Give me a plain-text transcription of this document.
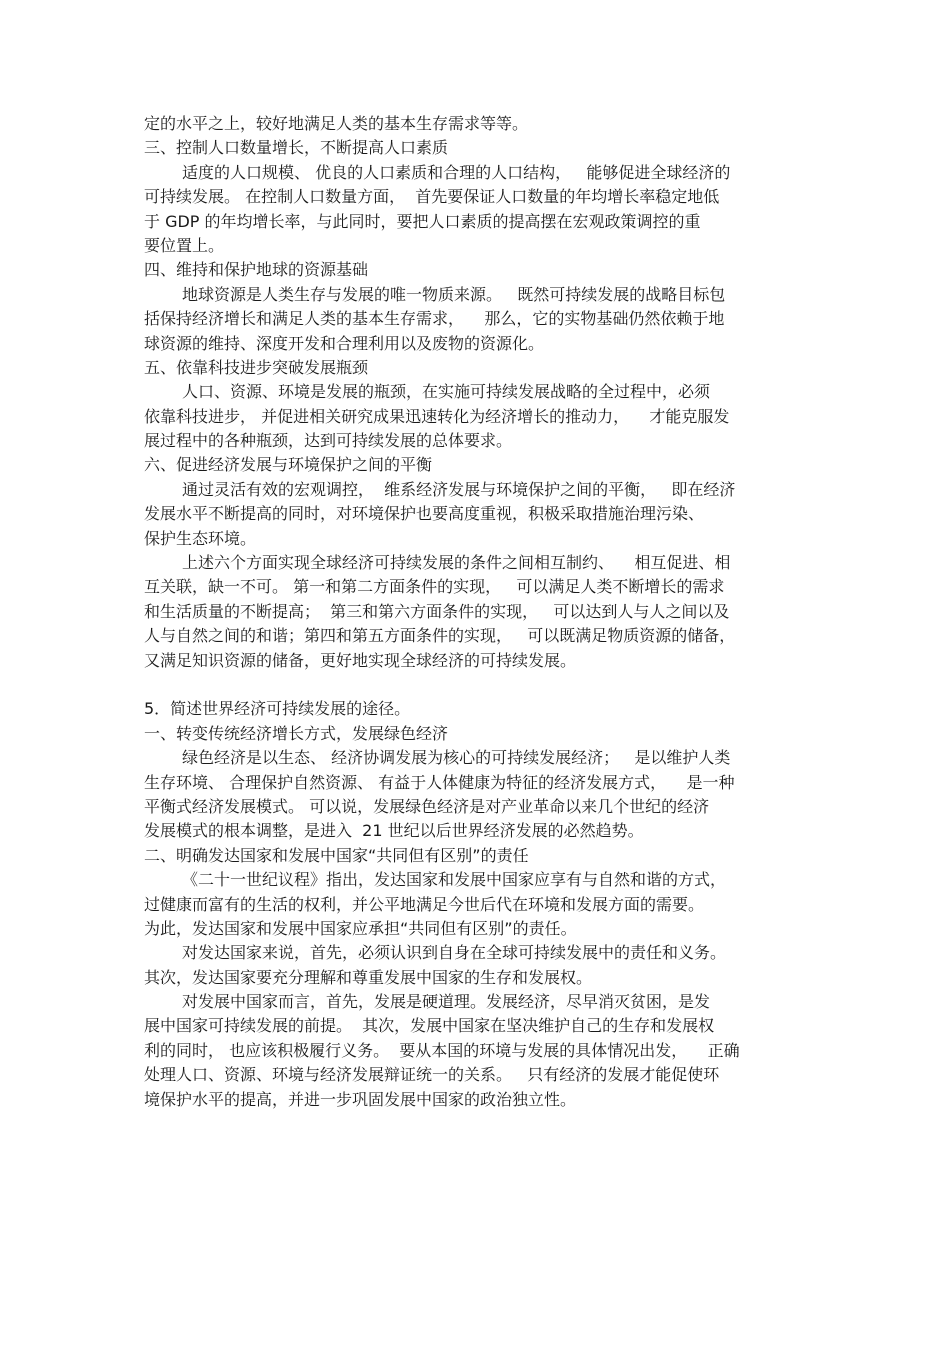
定的水平之上，较好地满足人类的基本生存需求等等。
三、控制人口数量增长，不断提高人口素质
适度的人口规模、 优良的人口素质和合理的人口结构，   能够促进全球经济的
可持续发展。 在控制人口数量方面，  首先要保证人口数量的年均增长率稳定地低
于 GDP 的年均增长率，与此同时，要把人口素质的提高摆在宏观政策调控的重
要位置上。
四、维持和保护地球的资源基础
地球资源是人类生存与发展的唯一物质来源。   既然可持续发展的战略目标包
括保持经济增长和满足人类的基本生存需求，    那么，它的实物基础仍然依赖于地
球资源的维持、深度开发和合理利用以及废物的资源化。
五、依靠科技进步突破发展瓶颈
人口、资源、环境是发展的瓶颈，在实施可持续发展战略的全过程中，必须
依靠科技进步， 并促进相关研究成果迅速转化为经济增长的推动力，    才能克服发
展过程中的各种瓶颈，达到可持续发展的总体要求。
六、促进经济发展与环境保护之间的平衡
通过灵活有效的宏观调控，  维系经济发展与环境保护之间的平衡，   即在经济
发展水平不断提高的同时，对环境保护也要高度重视，积极采取措施治理污染、
保护生态环境。
上述六个方面实现全球经济可持续发展的条件之间相互制约、    相互促进、相
互关联，缺一不可。 第一和第二方面条件的实现，   可以满足人类不断增长的需求
和生活质量的不断提高；  第三和第六方面条件的实现，   可以达到人与人之间以及
人与自然之间的和谐；第四和第五方面条件的实现，   可以既满足物质资源的储备，
又满足知识资源的储备，更好地实现全球经济的可持续发展。
5．简述世界经济可持续发展的途径。
一、转变传统经济增长方式，发展绿色经济
绿色经济是以生态、 经济协调发展为核心的可持续发展经济；   是以维护人类
生存环境、 合理保护自然资源、 有益于人体健康为特征的经济发展方式，    是一种
平衡式经济发展模式。 可以说，发展绿色经济是对产业革命以来几个世纪的经济
发展模式的根本调整，是进入  21 世纪以后世界经济发展的必然趋势。
二、明确发达国家和发展中国家“共同但有区别”的责任
《二十一世纪议程》指出，发达国家和发展中国家应享有与自然和谐的方式，
过健康而富有的生活的权利，并公平地满足今世后代在环境和发展方面的需要。
为此，发达国家和发展中国家应承担“共同但有区别”的责任。
对发达国家来说，首先，必须认识到自身在全球可持续发展中的责任和义务。
其次，发达国家要充分理解和尊重发展中国家的生存和发展权。
对发展中国家而言，首先，发展是硬道理。发展经济，尽早消灭贫困，是发
展中国家可持续发展的前提。  其次，发展中国家在坚决维护自己的生存和发展权
利的同时， 也应该积极履行义务。  要从本国的环境与发展的具体情况出发，    正确
处理人口、资源、环境与经济发展辩证统一的关系。   只有经济的发展才能促使环
境保护水平的提高，并进一步巩固发展中国家的政治独立性。
